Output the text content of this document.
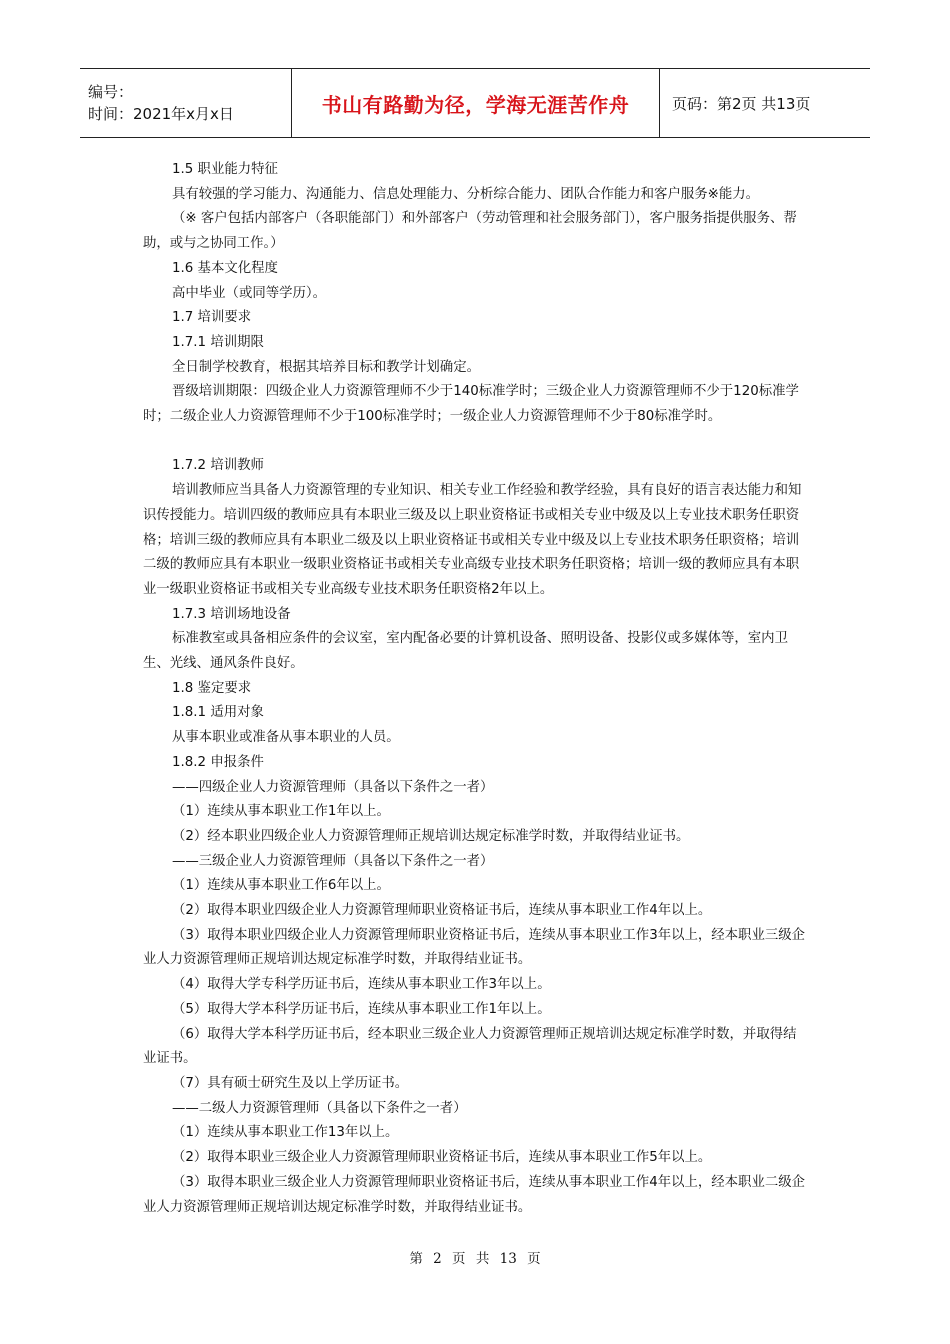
编号：
时间：2021年x月x日	书山有路勤为径，学海无涯苦作舟	页码：第2页 共13页

1.5 职业能力特征

具有较强的学习能力、沟通能力、信息处理能力、分析综合能力、团队合作能力和客户服务※能力。

（※ 客户包括内部客户（各职能部门）和外部客户（劳动管理和社会服务部门），客户服务指提供服务、帮助，或与之协同工作。）

1.6 基本文化程度

高中毕业（或同等学历）。

1.7 培训要求

1.7.1 培训期限

全日制学校教育，根据其培养目标和教学计划确定。

晋级培训期限：四级企业人力资源管理师不少于140标准学时；三级企业人力资源管理师不少于120标准学时；二级企业人力资源管理师不少于100标准学时；一级企业人力资源管理师不少于80标准学时。

1.7.2 培训教师

培训教师应当具备人力资源管理的专业知识、相关专业工作经验和教学经验，具有良好的语言表达能力和知识传授能力。培训四级的教师应具有本职业三级及以上职业资格证书或相关专业中级及以上专业技术职务任职资格；培训三级的教师应具有本职业二级及以上职业资格证书或相关专业中级及以上专业技术职务任职资格；培训二级的教师应具有本职业一级职业资格证书或相关专业高级专业技术职务任职资格；培训一级的教师应具有本职业一级职业资格证书或相关专业高级专业技术职务任职资格2年以上。

1.7.3 培训场地设备

标准教室或具备相应条件的会议室，室内配备必要的计算机设备、照明设备、投影仪或多媒体等，室内卫生、光线、通风条件良好。

1.8 鉴定要求

1.8.1 适用对象

从事本职业或准备从事本职业的人员。

1.8.2 申报条件

——四级企业人力资源管理师（具备以下条件之一者）

（1）连续从事本职业工作1年以上。

（2）经本职业四级企业人力资源管理师正规培训达规定标准学时数，并取得结业证书。

——三级企业人力资源管理师（具备以下条件之一者）

（1）连续从事本职业工作6年以上。

（2）取得本职业四级企业人力资源管理师职业资格证书后，连续从事本职业工作4年以上。

（3）取得本职业四级企业人力资源管理师职业资格证书后，连续从事本职业工作3年以上，经本职业三级企业人力资源管理师正规培训达规定标准学时数，并取得结业证书。

（4）取得大学专科学历证书后，连续从事本职业工作3年以上。

（5）取得大学本科学历证书后，连续从事本职业工作1年以上。

（6）取得大学本科学历证书后，经本职业三级企业人力资源管理师正规培训达规定标准学时数，并取得结业证书。

（7）具有硕士研究生及以上学历证书。

——二级人力资源管理师（具备以下条件之一者）

（1）连续从事本职业工作13年以上。

（2）取得本职业三级企业人力资源管理师职业资格证书后，连续从事本职业工作5年以上。

（3）取得本职业三级企业人力资源管理师职业资格证书后，连续从事本职业工作4年以上，经本职业二级企业人力资源管理师正规培训达规定标准学时数，并取得结业证书。

第 2 页 共 13 页
